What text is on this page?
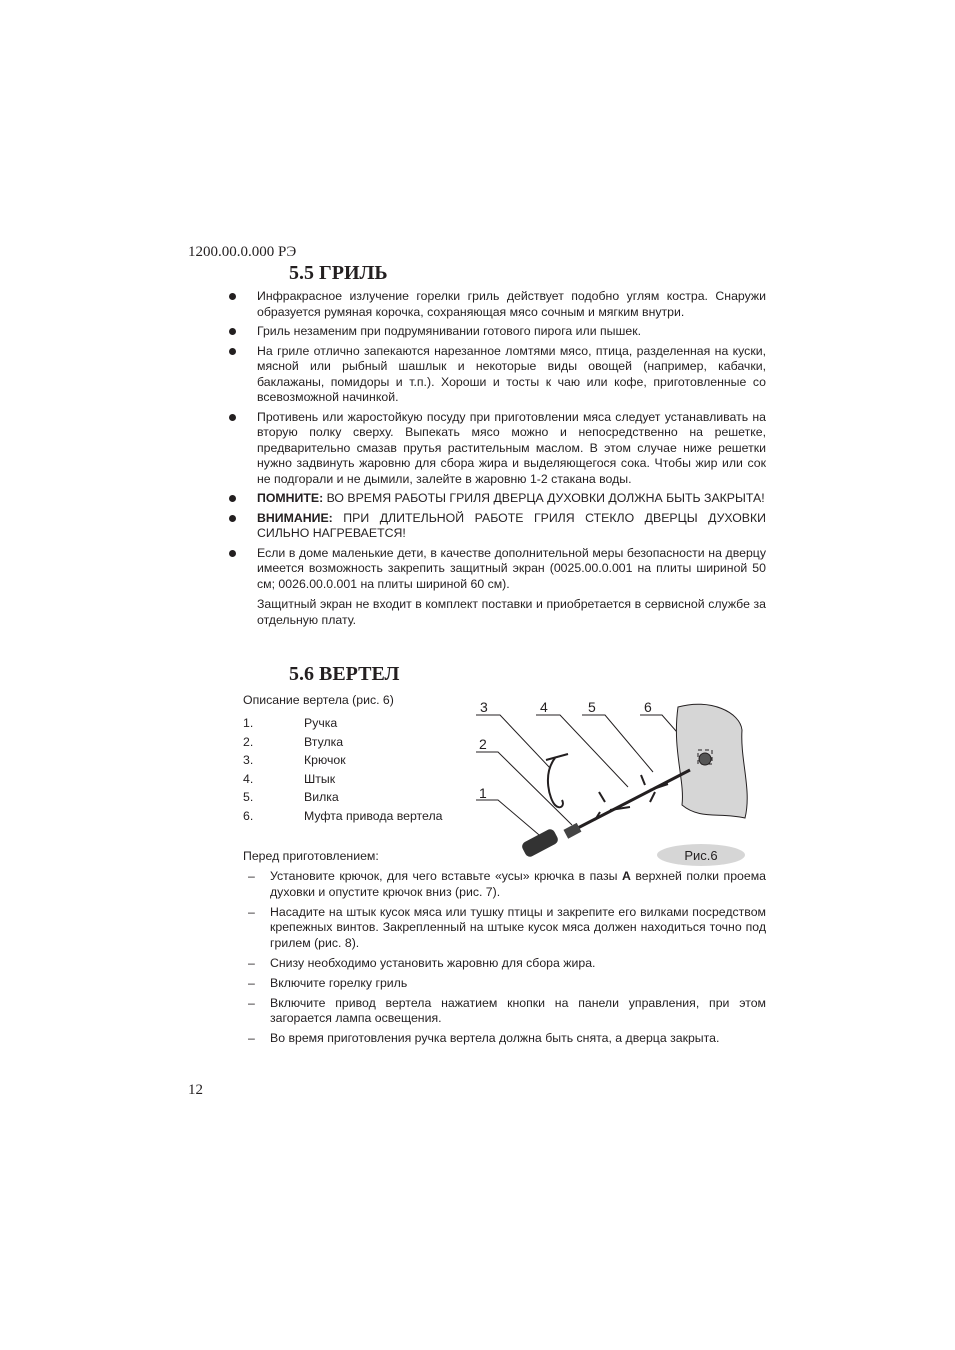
1200.00.0.000 РЭ
5.5 ГРИЛЬ
Инфракрасное излучение горелки гриль действует подобно углям костра. Снаружи образуется румяная корочка, сохраняющая мясо сочным и мягким внутри.
Гриль незаменим при подрумянивании готового пирога или пышек.
На гриле отлично запекаются нарезанное ломтями мясо, птица, разделенная на куски, мясной или рыбный шашлык и некоторые виды овощей (например, кабачки, баклажаны, помидоры и т.п.). Хороши и тосты к чаю или кофе, приготовленные со всевозможной начинкой.
Противень или жаростойкую посуду при приготовлении мяса следует устанавливать на вторую полку сверху. Выпекать мясо можно и непосредственно на решетке, предварительно смазав прутья растительным маслом. В этом случае ниже решетки нужно задвинуть жаровню для сбора жира и выделяющегося сока. Чтобы жир или сок не подгорали и не дымили, залейте в жаровню 1-2 стакана воды.
ПОМНИТЕ: ВО ВРЕМЯ РАБОТЫ ГРИЛЯ ДВЕРЦА ДУХОВКИ ДОЛЖНА БЫТЬ ЗАКРЫТА!
ВНИМАНИЕ: ПРИ ДЛИТЕЛЬНОЙ РАБОТЕ ГРИЛЯ СТЕКЛО ДВЕРЦЫ ДУХОВКИ СИЛЬНО НАГРЕВАЕТСЯ!
Если в доме маленькие дети, в качестве дополнительной меры безопасности на дверцу имеется возможность закрепить защитный экран (0025.00.0.001 на плиты шириной 50 см; 0026.00.0.001 на плиты шириной 60 см).
Защитный экран не входит в комплект поставки и приобретается в сервисной службе за отдельную плату.
5.6 ВЕРТЕЛ
Описание вертела (рис. 6)
1.	Ручка
2.	Втулка
3.	Крючок
4.	Штык
5.	Вилка
6.	Муфта привода вертела
3	4	5	6
2
1
Рис.6
Перед приготовлением:
– Установите крючок, для чего вставьте «усы» крючка в пазы А верхней полки проема духовки и опустите крючок вниз (рис. 7).
– Насадите на штык кусок мяса или тушку птицы и закрепите его вилками посредством крепежных винтов. Закрепленный на штыке кусок мяса должен находиться точно под грилем (рис. 8).
– Снизу необходимо установить жаровню для сбора жира.
– Включите горелку гриль
– Включите привод вертела нажатием кнопки на панели управления, при этом загорается лампа освещения.
– Во время приготовления ручка вертела должна быть снята, а дверца закрыта.
12
